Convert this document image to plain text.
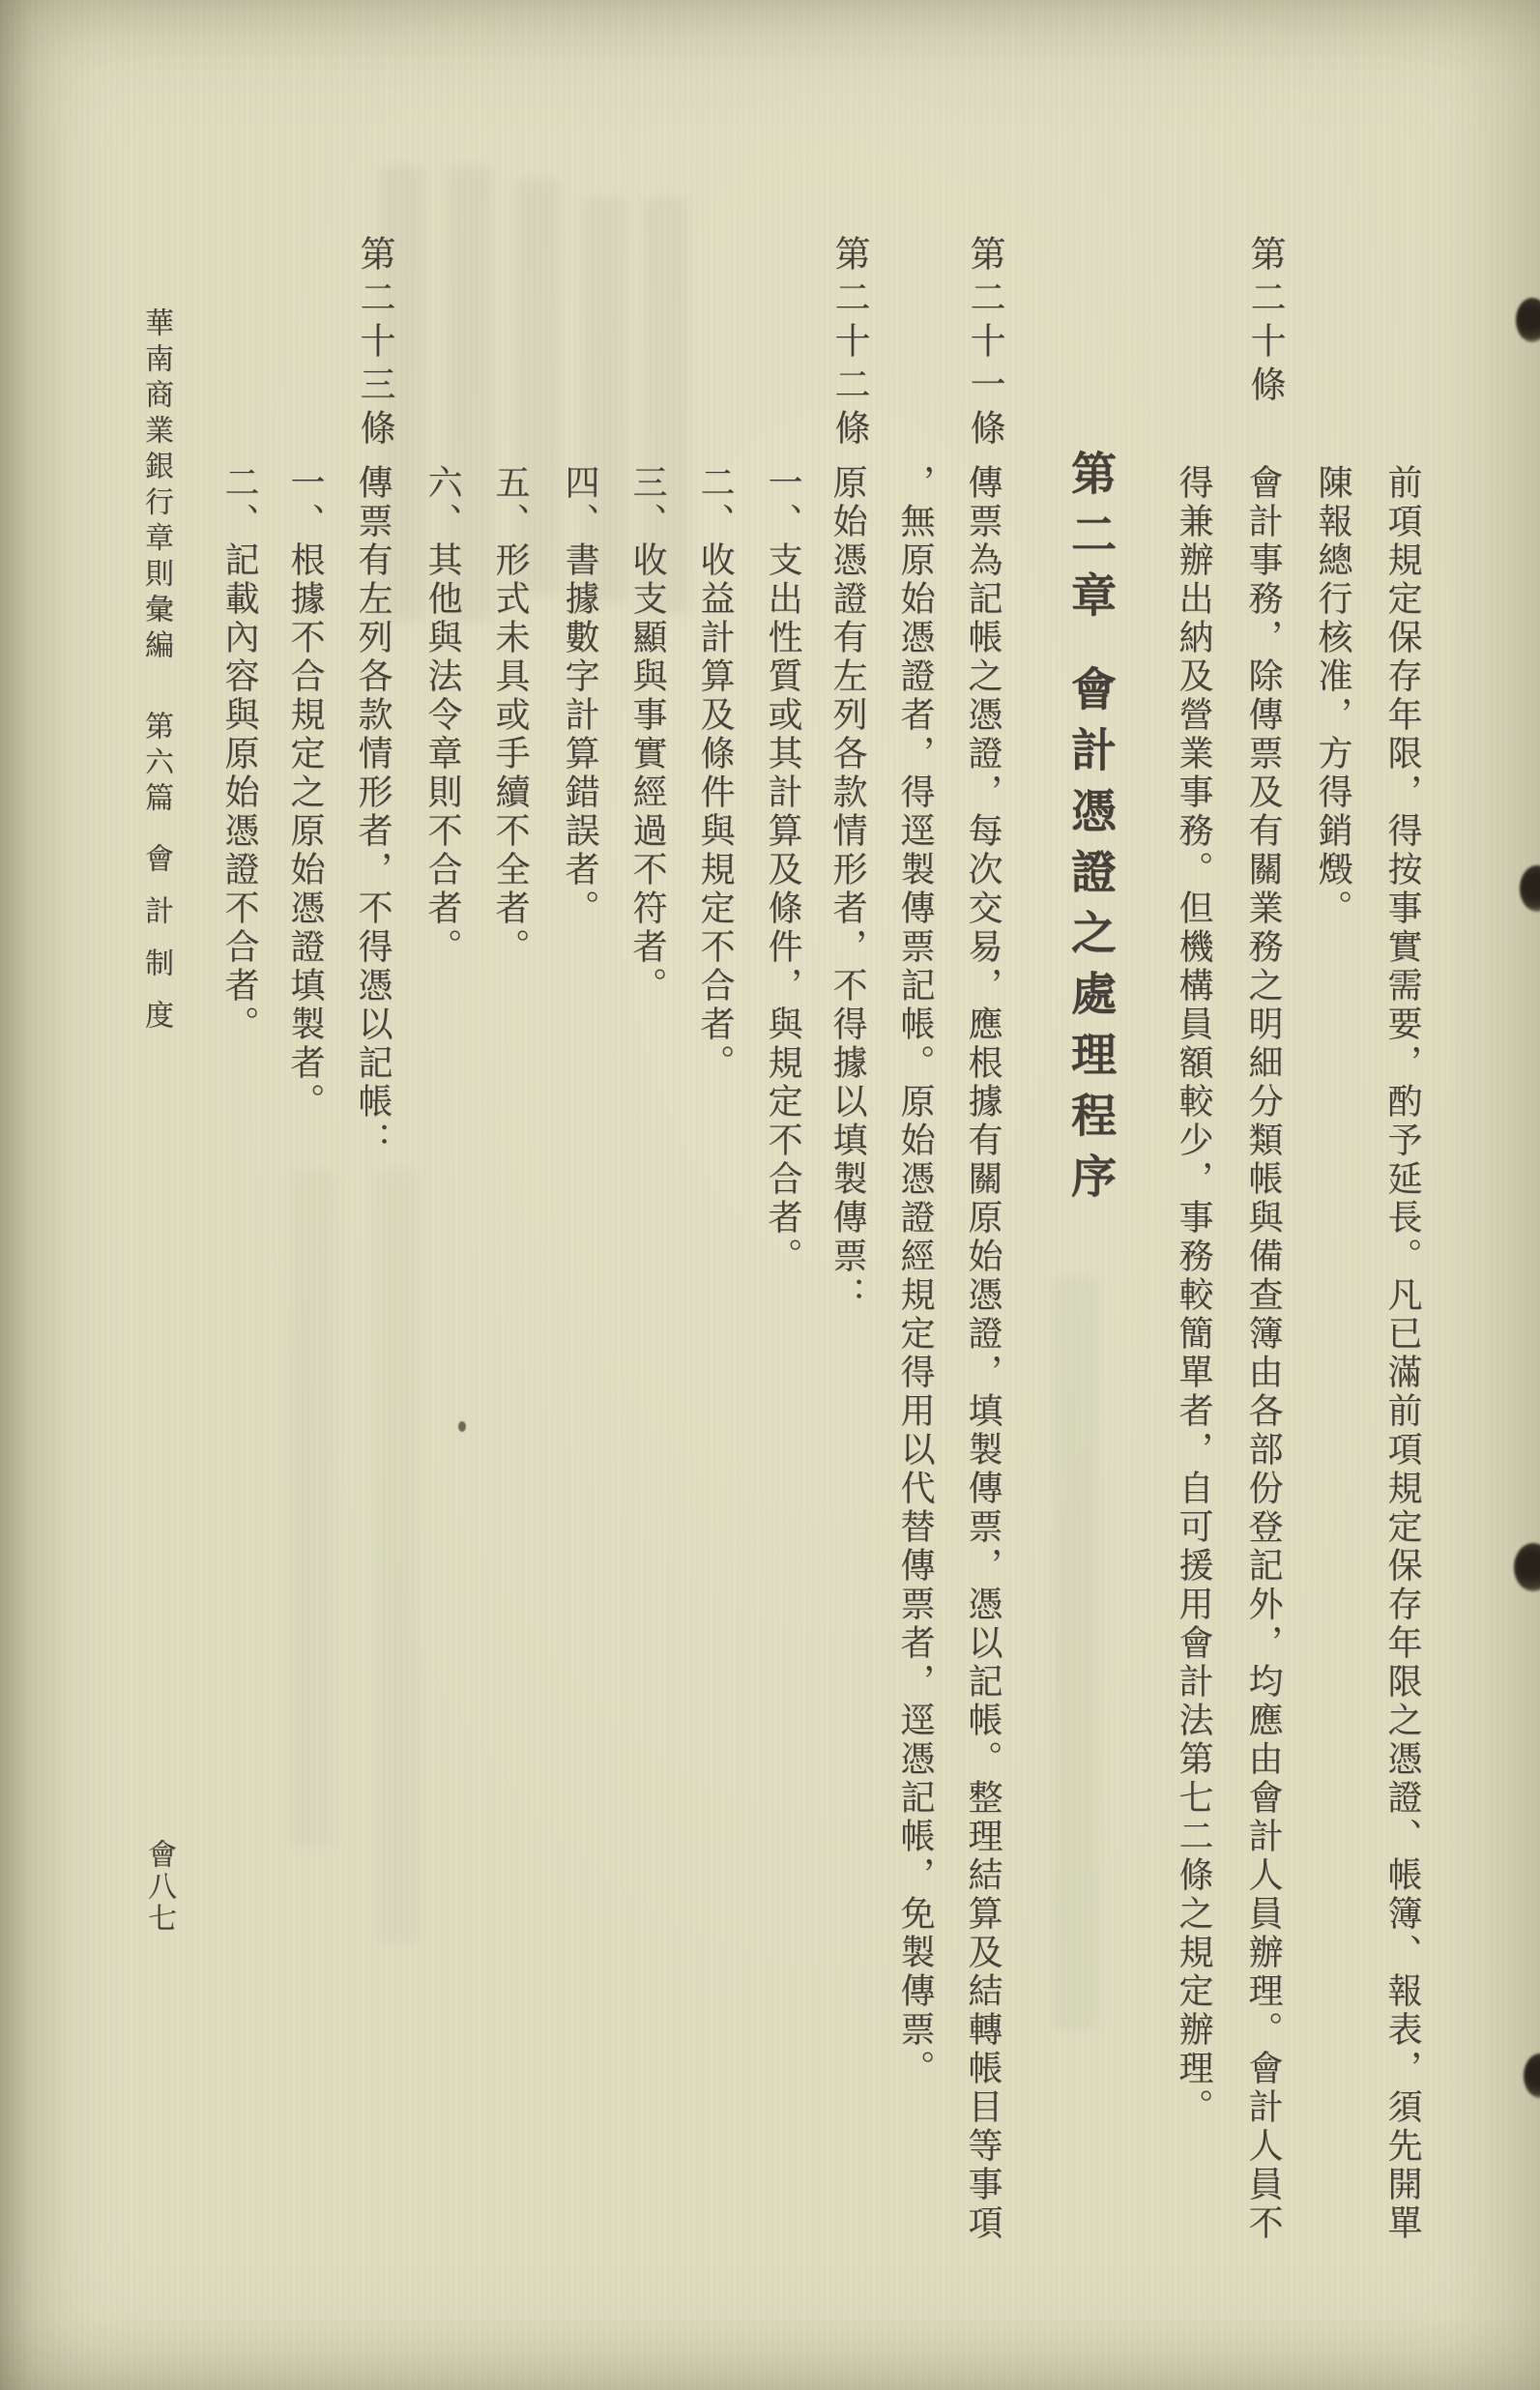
前項規定保存年限，得按事實需要，酌予延長。凡已滿前項規定保存年限之憑證、帳簿、報表，須先開單
陳報總行核准，方得銷燬。
第二十條
會計事務，除傳票及有關業務之明細分類帳與備查簿由各部份登記外，均應由會計人員辦理。會計人員不
得兼辦出納及營業事務。但機構員額較少，事務較簡單者，自可援用會計法第七二條之規定辦理。
第二十一條
傳票為記帳之憑證，每次交易，應根據有關原始憑證，填製傳票，憑以記帳。整理結算及結轉帳目等事項
，無原始憑證者，得逕製傳票記帳。原始憑證經規定得用以代替傳票者，逕憑記帳，免製傳票。
第二十二條
原始憑證有左列各款情形者，不得據以填製傳票：
一、支出性質或其計算及條件，與規定不合者。
二、收益計算及條件與規定不合者。
三、收支顯與事實經過不符者。
四、書據數字計算錯誤者。
五、形式未具或手續不全者。
六、其他與法令章則不合者。
第二十三條
傳票有左列各款情形者，不得憑以記帳：
一、根據不合規定之原始憑證填製者。
二、記載內容與原始憑證不合者。	第二章
會計憑證之處理程序
華南商業銀行章則彙編
第六篇
會計制度
會八七
